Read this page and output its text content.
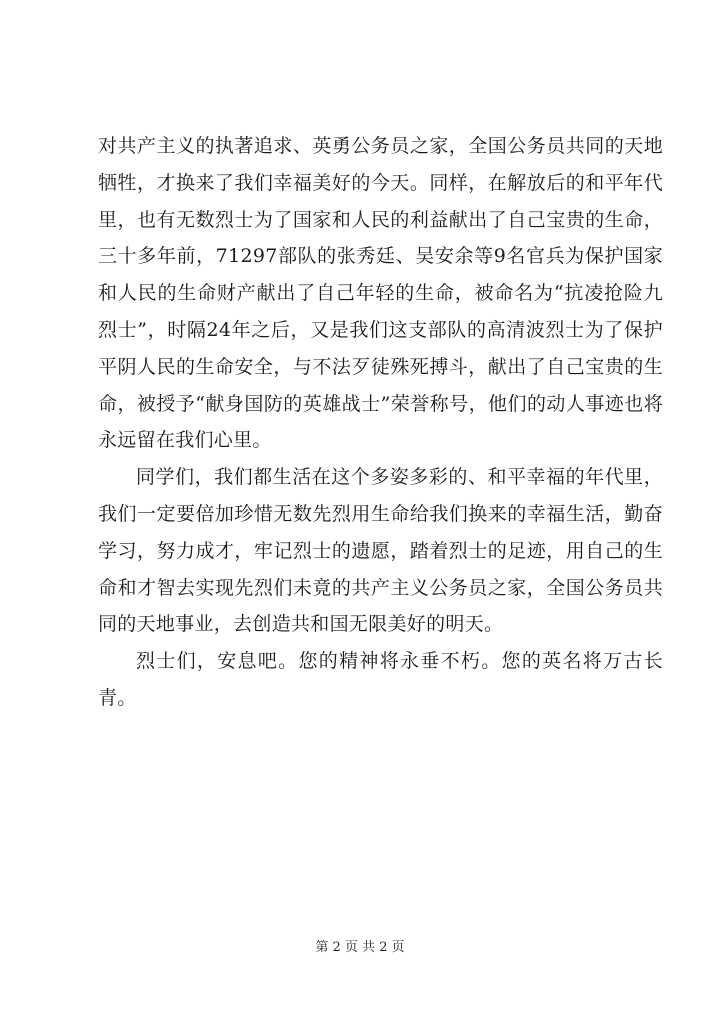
对共产主义的执著追求、英勇公务员之家，全国公务员共同的天地牺牲，才换来了我们幸福美好的今天。同样，在解放后的和平年代里，也有无数烈士为了国家和人民的利益献出了自己宝贵的生命，三十多年前，71297部队的张秀廷、吴安余等9名官兵为保护国家和人民的生命财产献出了自己年轻的生命，被命名为“抗凌抢险九烈士”，时隔24年之后，又是我们这支部队的高清波烈士为了保护平阴人民的生命安全，与不法歹徒殊死搏斗，献出了自己宝贵的生命，被授予“献身国防的英雄战士”荣誉称号，他们的动人事迹也将永远留在我们心里。

同学们，我们都生活在这个多姿多彩的、和平幸福的年代里，我们一定要倍加珍惜无数先烈用生命给我们换来的幸福生活，勤奋学习，努力成才，牢记烈士的遗愿，踏着烈士的足迹，用自己的生命和才智去实现先烈们未竟的共产主义公务员之家，全国公务员共同的天地事业，去创造共和国无限美好的明天。

烈士们，安息吧。您的精神将永垂不朽。您的英名将万古长青。

第 2 页 共 2 页
